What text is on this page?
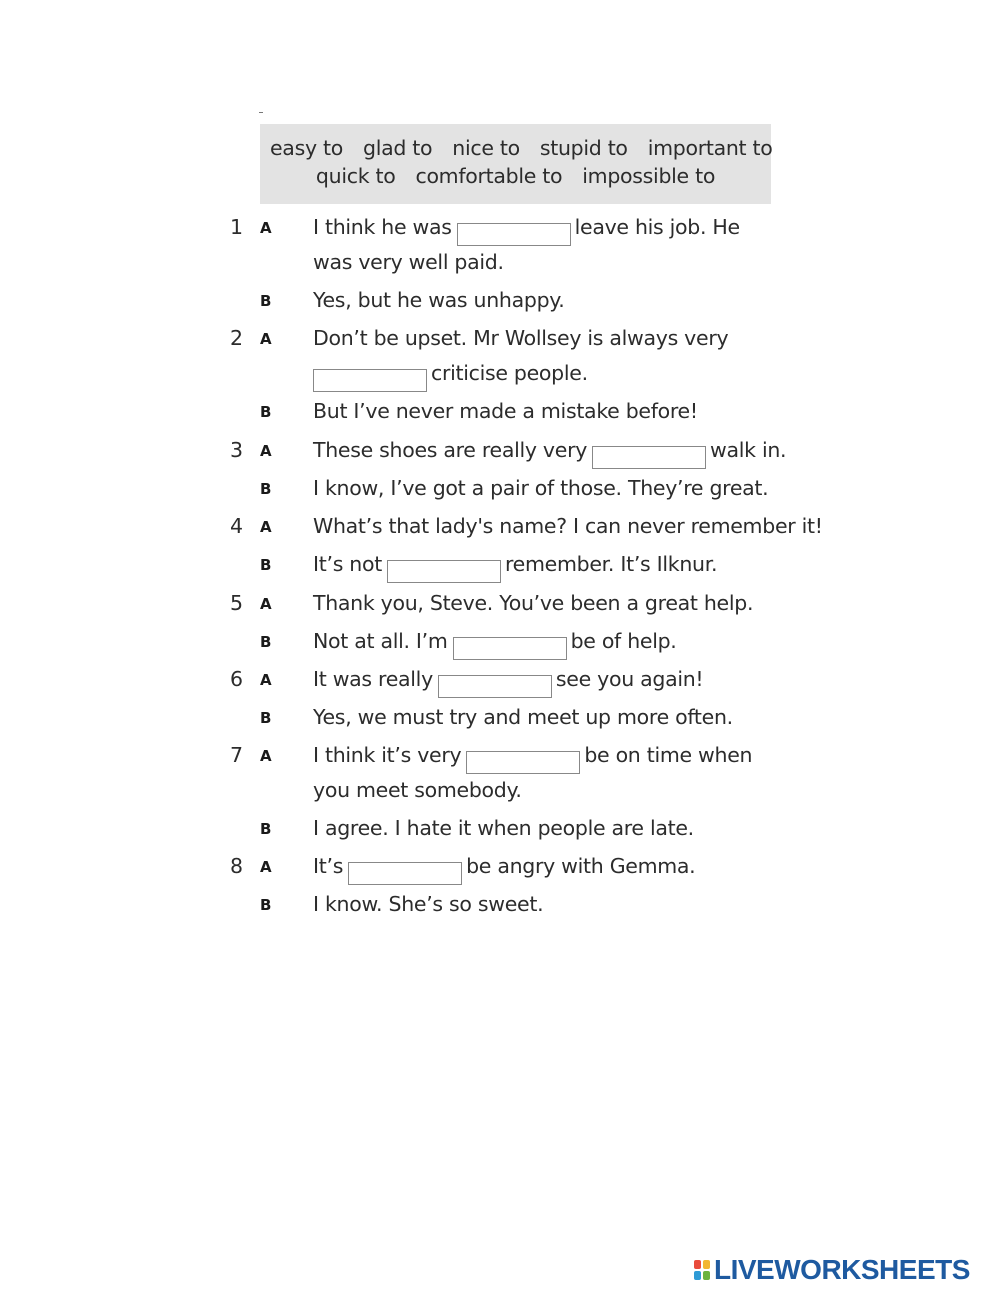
easy to glad to nice to stupid to important to
quick to comfortable to impossible to
1 A I think he was	leave his job. He
was very well paid.
B Yes, but he was unhappy.
2 A Don’t be upset. Mr Wollsey is always very
criticise people.
B But I’ve never made a mistake before!
3 A These shoes are really very	walk in.
B I know, I’ve got a pair of those. They’re great.
4 A What’s that lady's name? I can never remember it!
B It’s not	remember. It’s Ilknur.
5 A Thank you, Steve. You’ve been a great help.
B Not at all. I’m	be of help.
6 A It was really	see you again!
B Yes, we must try and meet up more often.
7 A I think it’s very	be on time when
you meet somebody.
B I agree. I hate it when people are late.
8 A It’s	be angry with Gemma.
B I know. She’s so sweet.
LIVEWORKSHEETS
